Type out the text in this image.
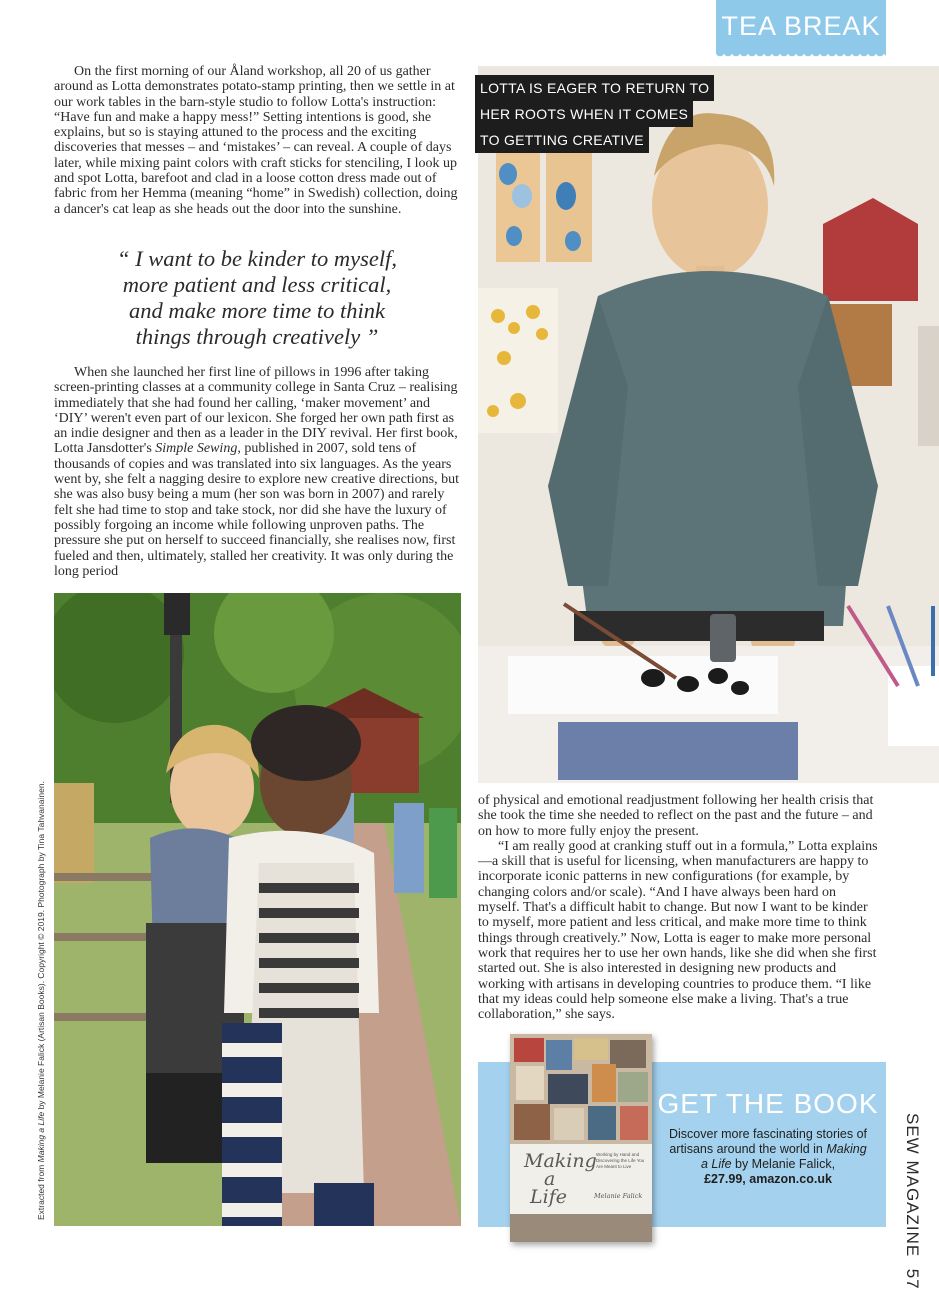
TEA BREAK

On the first morning of our Åland workshop, all 20 of us gather around as Lotta demonstrates potato-stamp printing, then we settle in at our work tables in the barn-style studio to follow Lotta's instruction: “Have fun and make a happy mess!” Setting intentions is good, she explains, but so is staying attuned to the process and the exciting discoveries that messes – and ‘mistakes’ – can reveal. A couple of days later, while mixing paint colors with craft sticks for stenciling, I look up and spot Lotta, barefoot and clad in a loose cotton dress made out of fabric from her Hemma (meaning “home” in Swedish) collection, doing a dancer's cat leap as she heads out the door into the sunshine.

“ I want to be kinder to myself,
more patient and less critical,
and make more time to think
things through creatively ”

When she launched her first line of pillows in 1996 after taking screen-printing classes at a community college in Santa Cruz – realising immediately that she had found her calling, ‘maker movement’ and ‘DIY’ weren't even part of our lexicon. She forged her own path first as an indie designer and then as a leader in the DIY revival. Her first book, Lotta Jansdotter's Simple Sewing, published in 2007, sold tens of thousands of copies and was translated into six languages. As the years went by, she felt a nagging desire to explore new creative directions, but she was also busy being a mum (her son was born in 2007) and rarely felt she had time to stop and take stock, nor did she have the luxury of possibly forgoing an income while following unproven paths. The pressure she put on herself to succeed financially, she realises now, first fueled and then, ultimately, stalled her creativity. It was only during the long period

LOTTA IS EAGER TO RETURN TO
HER ROOTS WHEN IT COMES
TO GETTING CREATIVE
Extracted from Making a Life by Melanie Falick (Artisan Books). Copyright © 2019. Photograph by Tina Tahvanainen.	of physical and emotional readjustment following her health crisis that she took the time she needed to reflect on the past and the future – and on how to more fully enjoy the present.

“I am really good at cranking stuff out in a formula,” Lotta explains—a skill that is useful for licensing, when manufacturers are happy to incorporate iconic patterns in new configurations (for example, by changing colors and/or scale). “And I have always been hard on myself. That's a difficult habit to change. But now I want to be kinder to myself, more patient and less critical, and make more time to think things through creatively.” Now, Lotta is eager to make more personal work that requires her to use her own hands, like she did when she first started out. She is also interested in designing new products and working with artisans in developing countries to produce them. “I like that my ideas could help someone else make a living. That's a true collaboration,” she says.

Making
a
Life
Working by Hand and Discovering the Life You Are Meant to Live
Melanie Falick
GET THE BOOK
Discover more fascinating stories of artisans around the world in Making a Life by Melanie Falick,
£27.99, amazon.co.uk	SEW MAGAZINE  57
